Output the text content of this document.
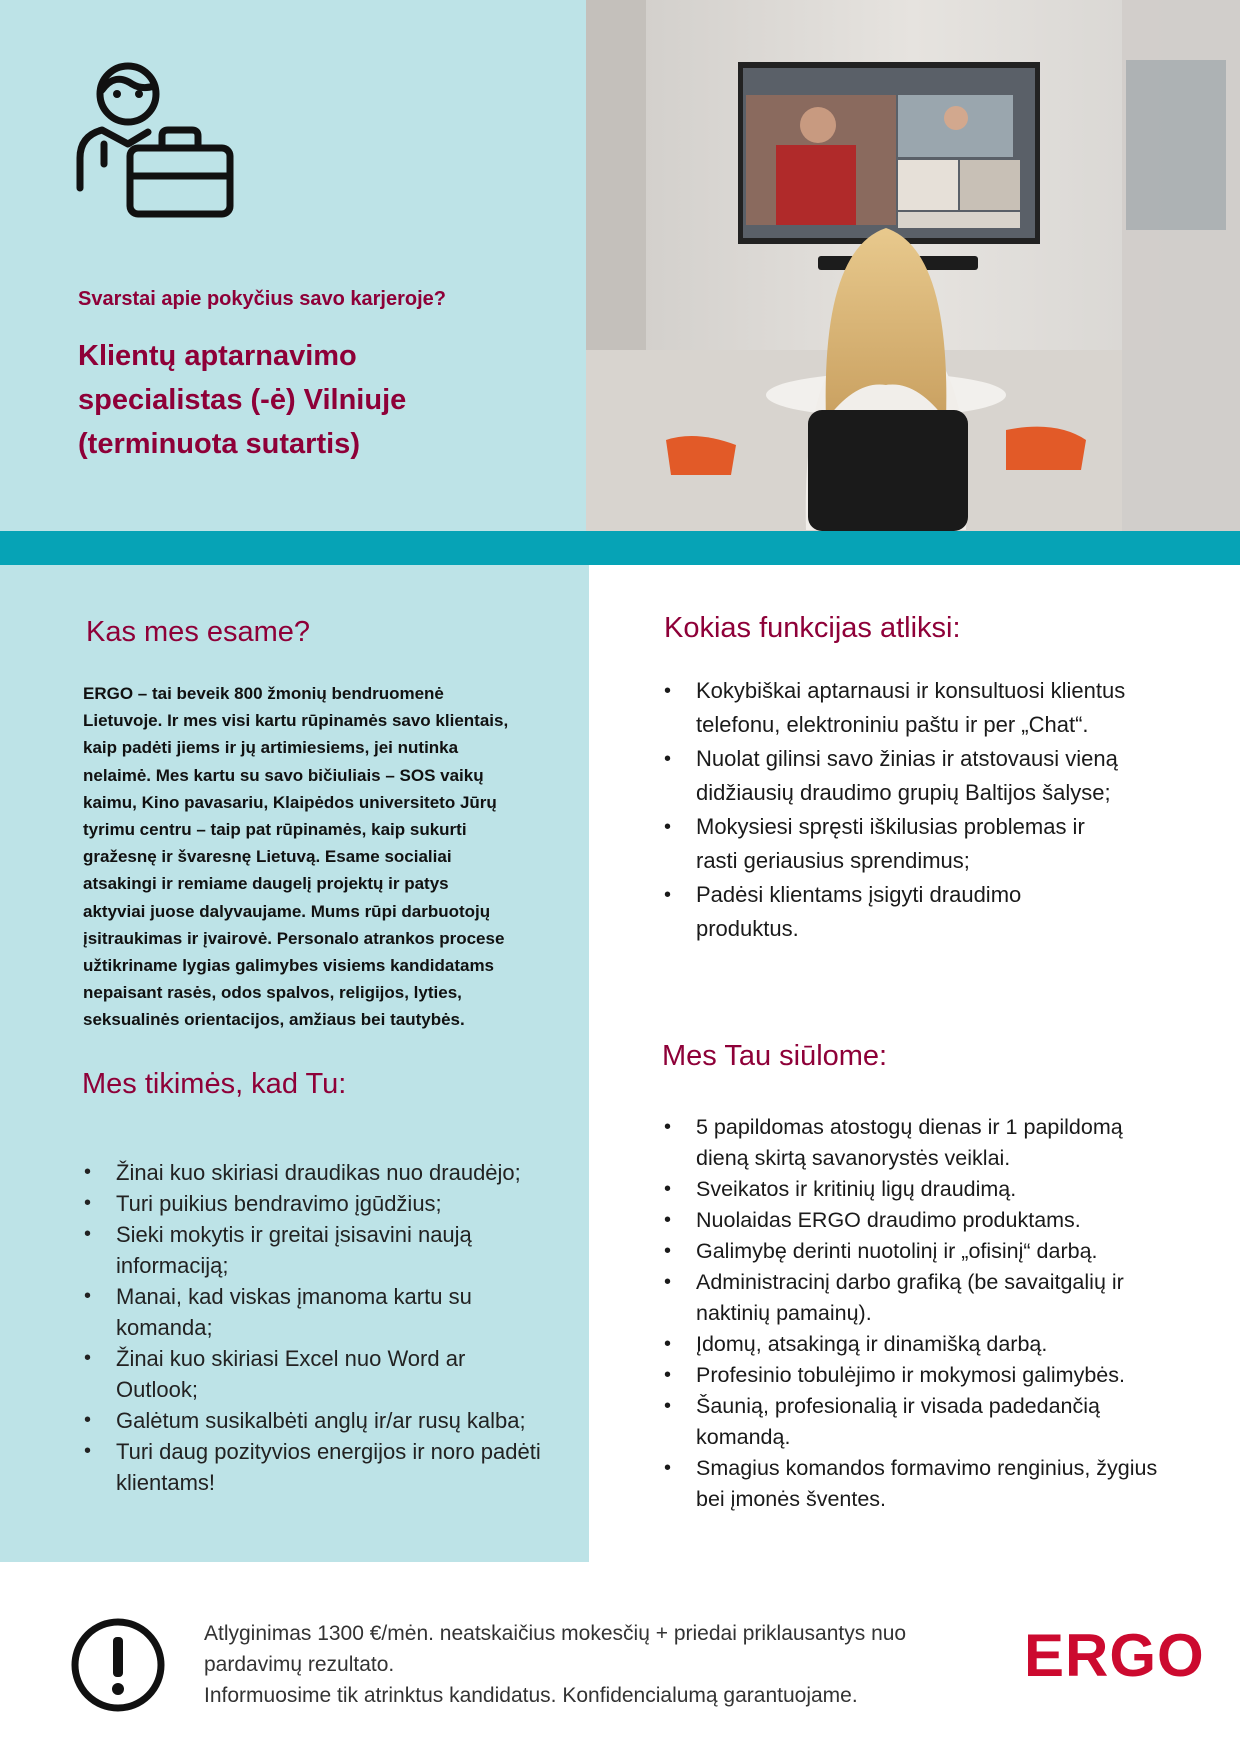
Svarstai apie pokyčius savo karjeroje?
Klientų aptarnavimo
specialistas (-ė) Vilniuje
(terminuota sutartis)
Kas mes esame?
ERGO – tai beveik 800 žmonių bendruomenė
Lietuvoje. Ir mes visi kartu rūpinamės savo klientais,
kaip padėti jiems ir jų artimiesiems, jei nutinka
nelaimė. Mes kartu su savo bičiuliais – SOS vaikų
kaimu, Kino pavasariu, Klaipėdos universiteto Jūrų
tyrimu centru – taip pat rūpinamės, kaip sukurti
gražesnę ir švaresnę Lietuvą. Esame socialiai
atsakingi ir remiame daugelį projektų ir patys
aktyviai juose dalyvaujame. Mums rūpi darbuotojų
įsitraukimas ir įvairovė. Personalo atrankos procese
užtikriname lygias galimybes visiems kandidatams
nepaisant rasės, odos spalvos, religijos, lyties,
seksualinės orientacijos, amžiaus bei tautybės.
Mes tikimės, kad Tu:
• Žinai kuo skiriasi draudikas nuo draudėjo;
• Turi puikius bendravimo įgūdžius;
• Sieki mokytis ir greitai įsisavini naują
informaciją;
• Manai, kad viskas įmanoma kartu su
komanda;
• Žinai kuo skiriasi Excel nuo Word ar
Outlook;
• Galėtum susikalbėti anglų ir/ar rusų kalba;
• Turi daug pozityvios energijos ir noro padėti
klientams!
Kokias funkcijas atliksi:
• Kokybiškai aptarnausi ir konsultuosi klientus
telefonu, elektroniniu paštu ir per „Chat“.
• Nuolat gilinsi savo žinias ir atstovausi vieną
didžiausių draudimo grupių Baltijos šalyse;
• Mokysiesi spręsti iškilusias problemas ir
rasti geriausius sprendimus;
• Padėsi klientams įsigyti draudimo
produktus.
Mes Tau siūlome:
• 5 papildomas atostogų dienas ir 1 papildomą
dieną skirtą savanorystės veiklai.
• Sveikatos ir kritinių ligų draudimą.
• Nuolaidas ERGO draudimo produktams.
• Galimybę derinti nuotolinį ir „ofisinį“ darbą.
• Administracinį darbo grafiką (be savaitgalių ir
naktinių pamainų).
• Įdomų, atsakingą ir dinamišką darbą.
• Profesinio tobulėjimo ir mokymosi galimybės.
• Šaunią, profesionalią ir visada padedančią
komandą.
• Smagius komandos formavimo renginius, žygius
bei įmonės šventes.
Atlyginimas 1300 €/mėn. neatskaičius mokesčių + priedai priklausantys nuo
pardavimų rezultato.
Informuosime tik atrinktus kandidatus. Konfidencialumą garantuojame.
ERGO
